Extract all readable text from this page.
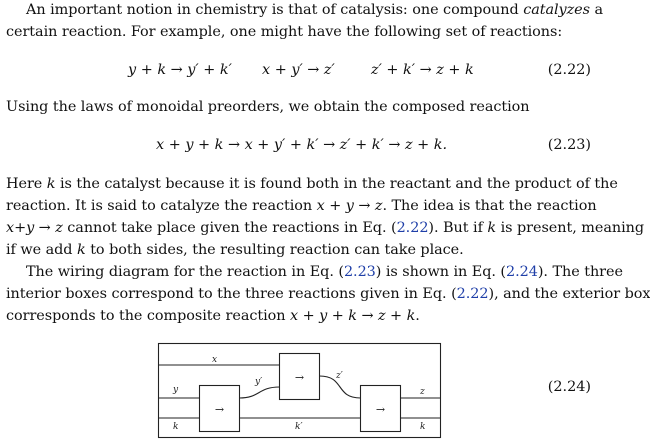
An important notion in chemistry is that of catalysis: one compound catalyzes a
certain reaction. For example, one might have the following set of reactions:
y + k → y′ + k′ x + y′ → z′	z′ + k′ → z + k	(2.22)
Using the laws of monoidal preorders, we obtain the composed reaction
x + y + k → x + y′ + k′ → z′ + k′ → z + k.	(2.23)
Here k is the catalyst because it is found both in the reactant and the product of the
reaction. It is said to catalyze the reaction x + y → z. The idea is that the reaction
x+y → z cannot take place given the reactions in Eq. (2.22). But if k is present, meaning
if we add k to both sides, the resulting reaction can take place.
The wiring diagram for the reaction in Eq. (2.23) is shown in Eq. (2.24). The three
interior boxes correspond to the three reactions given in Eq. (2.22), and the exterior box
corresponds to the composite reaction x + y + k → z + k.
x
y
k
y′
z′
k′
z
k
→
→
→
(2.24)
